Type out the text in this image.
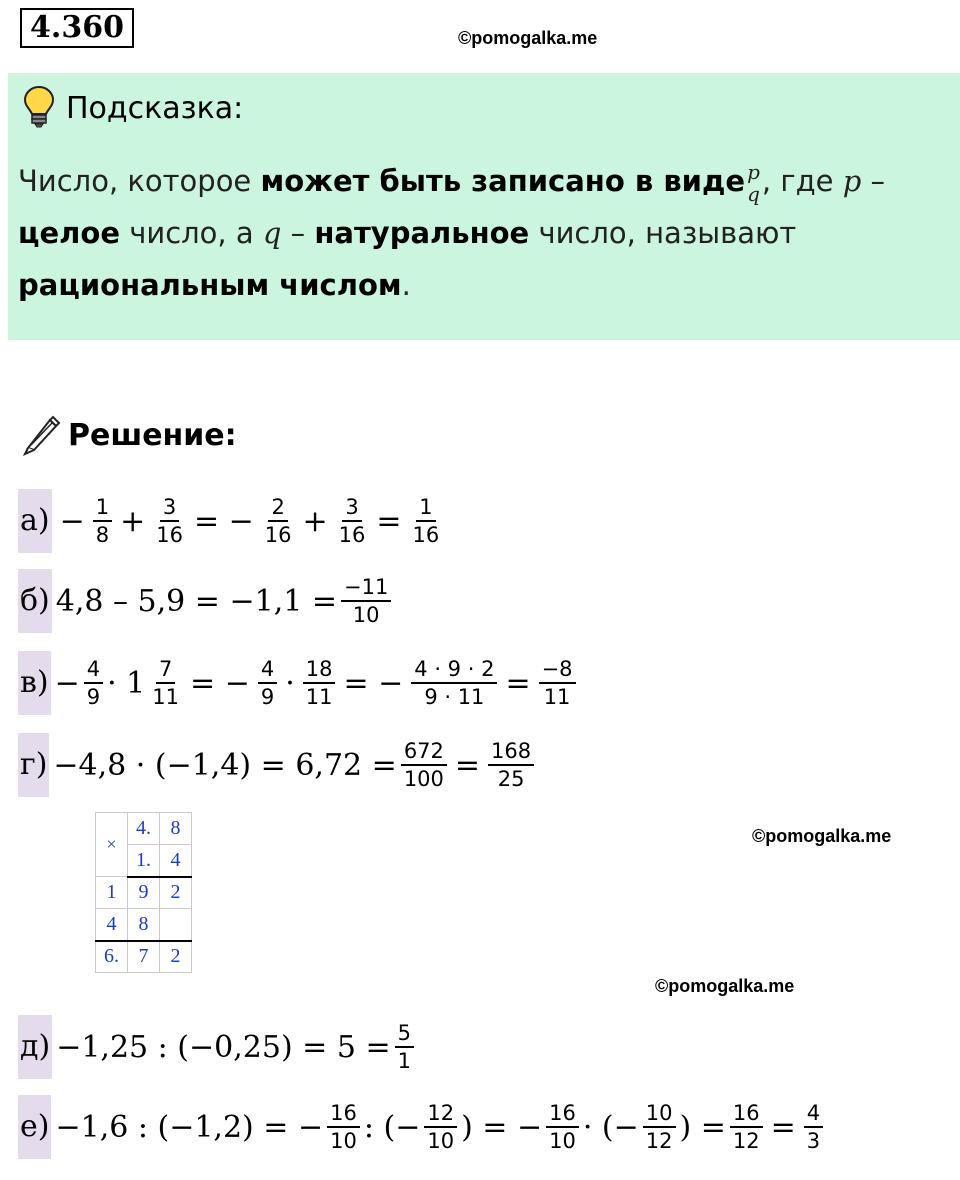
4.360	©pomogalka.me
Подсказка:
Число, которое может быть записано в виде p
q , где p – целое число, а q – натуральное число, называют рациональным числом.
Решение:
$а) - \frac{1}{8} + \frac{3}{16}$ = − $\frac{2}{16} + \frac{3}{16} = \frac{1}{16}$
б) $4,8 - 5,9 = -1,1 = \frac{-11}{10}$
$в) - \frac{4}{9} \cdot 1 \frac{7}{11}$ = − $\frac{4}{9} \cdot \frac{18}{11}$ = − $\frac{4 \cdot 9 \cdot 2}{9 \cdot 11} = \frac{-8}{11}$
$г) -4,8 \cdot (-1,4) = 6,72 = \frac{672}{100} = \frac{168}{25}$
×	4.	8
	1.	4
1	9	2
4	8	
6.	7	2
©pomogalka.me
©pomogalka.me
д) −1,25 : $(-0,25) = 5 = \frac{5}{1}$
е) −1,6 : (−1,2) = − $\frac{16}{10}$ : (− $\frac{12}{10}$ ) = − $\frac{16}{10}$ · (− $\frac{10}{12}$ ) = $\frac{16}{12} = \frac{4}{3}$
